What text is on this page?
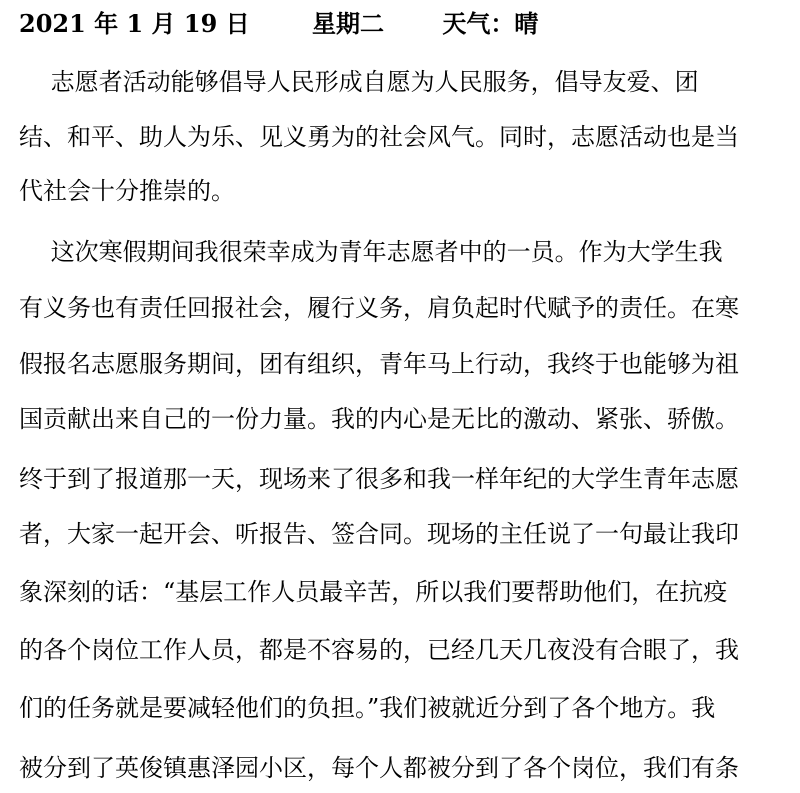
2021 年 1 月 19 日	星期二 天气：晴
　 志愿者活动能够倡导人民形成自愿为人民服务，倡导友爱、团
结、和平、助人为乐、见义勇为的社会风气。同时，志愿活动也是当
代社会十分推崇的。
　 这次寒假期间我很荣幸成为青年志愿者中的一员。作为大学生我
有义务也有责任回报社会，履行义务，肩负起时代赋予的责任。在寒
假报名志愿服务期间，团有组织，青年马上行动，我终于也能够为祖
国贡献出来自己的一份力量。我的内心是无比的激动、紧张、骄傲。
终于到了报道那一天，现场来了很多和我一样年纪的大学生青年志愿
者，大家一起开会、听报告、签合同。现场的主任说了一句最让我印
象深刻的话：“基层工作人员最辛苦，所以我们要帮助他们，在抗疫
的各个岗位工作人员，都是不容易的，已经几天几夜没有合眼了，我
们的任务就是要减轻他们的负担。”我们被就近分到了各个地方。我
被分到了英俊镇惠泽园小区，每个人都被分到了各个岗位，我们有条
